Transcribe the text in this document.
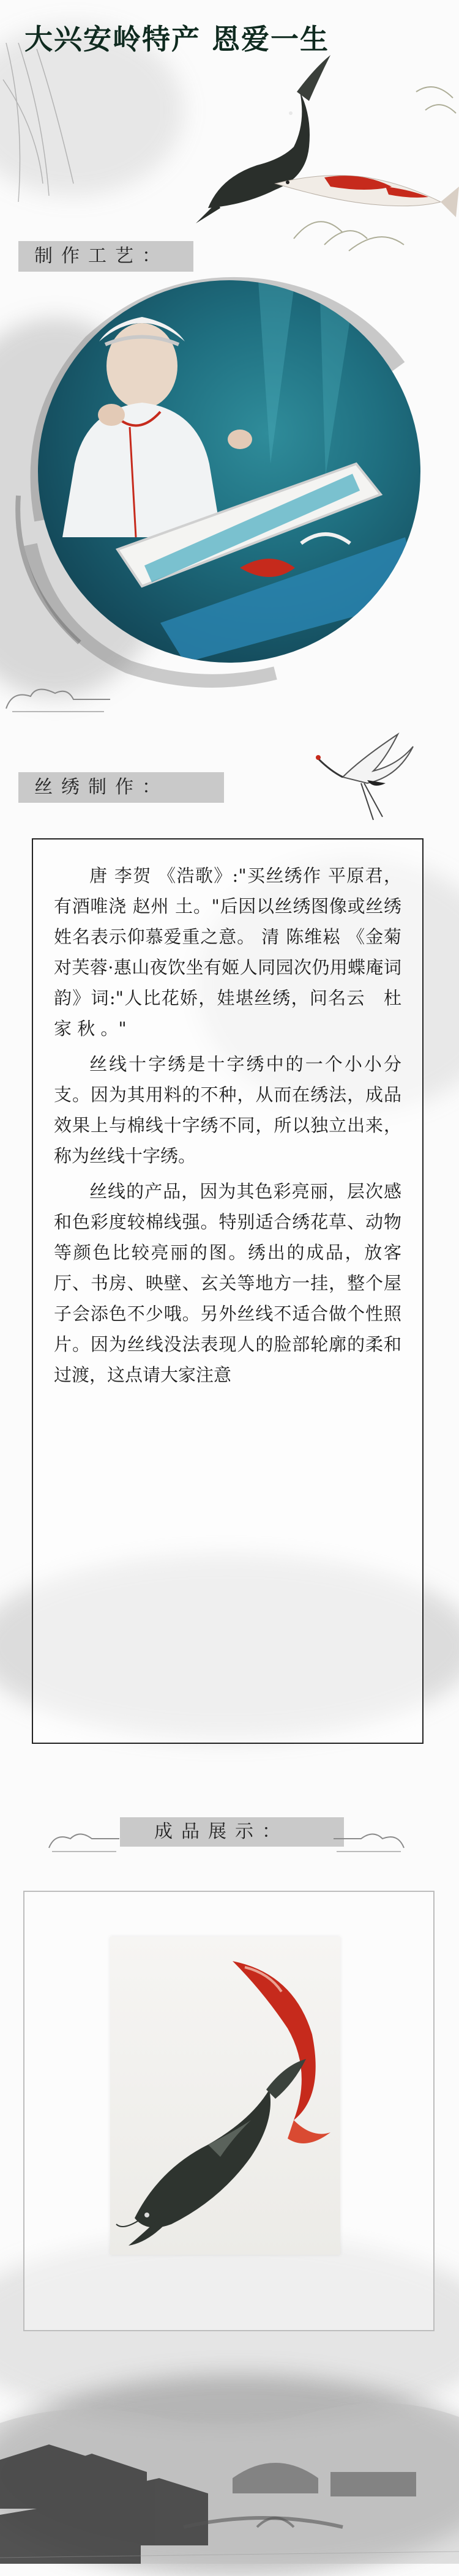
大兴安岭特产 恩爱一生
制作工艺：
丝绣制作：

唐 李贺 《浩歌》:"买丝绣作 平原君，有酒唯浇 赵州 土。"后因以丝绣图像或丝绣姓名表示仰慕爱重之意。 清 陈维崧 《金菊对芙蓉·惠山夜饮坐有姬人同园次仍用蝶庵词韵》词:"人比花娇，娃堪丝绣，问名云　杜家 秋 。"

丝线十字绣是十字绣中的一个小小分支。因为其用料的不种，从而在绣法，成品效果上与棉线十字绣不同，所以独立出来，称为丝线十字绣。

丝线的产品，因为其色彩亮丽，层次感和色彩度较棉线强。特别适合绣花草、动物等颜色比较亮丽的图。绣出的成品，放客厅、书房、映壁、玄关等地方一挂，整个屋子会添色不少哦。另外丝线不适合做个性照片。因为丝线没法表现人的脸部轮廓的柔和过渡，这点请大家注意

成品展示：
